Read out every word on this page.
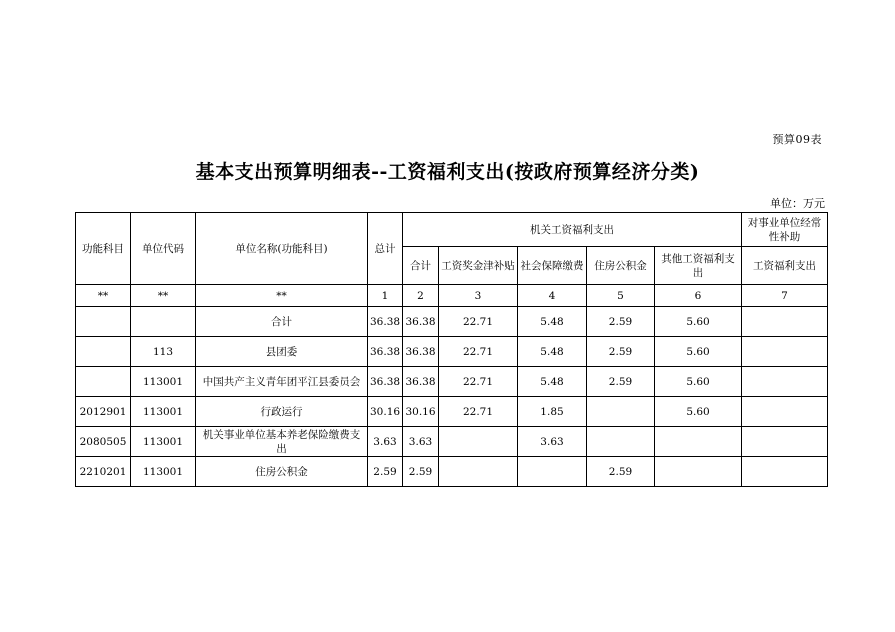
预算09表
基本支出预算明细表--工资福利支出(按政府预算经济分类)
单位：万元
功能科目	单位代码	单位名称(功能科目)	总计	机关工资福利支出					对事业单位经常性补助
				合计	工资奖金津补贴	社会保障缴费	住房公积金	其他工资福利支出	工资福利支出
**	**	**	1	2	3	4	5	6	7
		合计	36.38	36.38	22.71	5.48	2.59	5.60	
	113	县团委	36.38	36.38	22.71	5.48	2.59	5.60	
	113001	中国共产主义青年团平江县委员会	36.38	36.38	22.71	5.48	2.59	5.60	
2012901	113001	行政运行	30.16	30.16	22.71	1.85		5.60	
2080505	113001	机关事业单位基本养老保险缴费支出	3.63	3.63		3.63			
2210201	113001	住房公积金	2.59	2.59			2.59		
